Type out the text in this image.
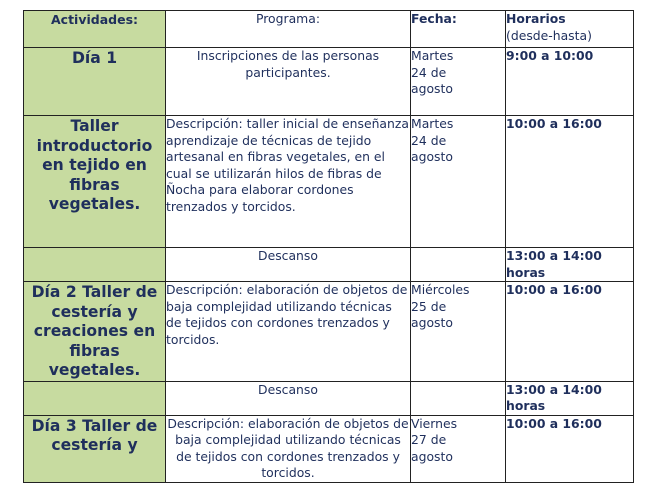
Actividades:	Programa:	Fecha:	Horarios
(desde-hasta)

Día 1	Inscripciones de las personas participantes.	Martes
24 de
agosto	9:00 a 10:00

Taller introductorio en tejido en fibras vegetales.	Descripción: taller inicial de enseñanza aprendizaje de técnicas de tejido artesanal en fibras vegetales, en el cual se utilizarán hilos de fibras de Ñocha para elaborar cordones trenzados y torcidos.	Martes
24 de
agosto	10:00 a 16:00
	Descanso		13:00 a 14:00 horas

Día 2 Taller de cestería y creaciones en fibras vegetales.	Descripción: elaboración de objetos de baja complejidad utilizando técnicas de tejidos con cordones trenzados y torcidos.	Miércoles
25 de
agosto	10:00 a 16:00
	Descanso		13:00 a 14:00 horas

Día 3 Taller de cestería y	Descripción: elaboración de objetos de baja complejidad utilizando técnicas de tejidos con cordones trenzados y torcidos.	Viernes
27 de
agosto	10:00 a 16:00
